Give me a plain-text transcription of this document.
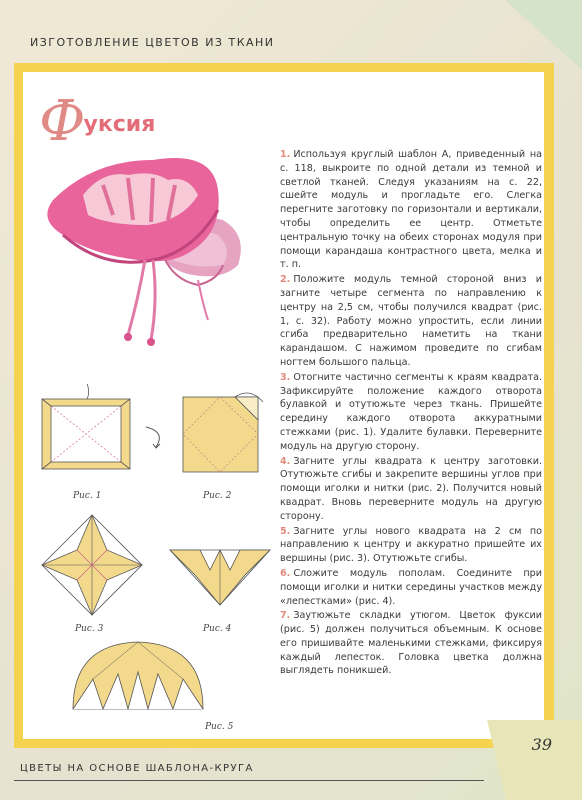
ИЗГОТОВЛЕНИЕ ЦВЕТОВ ИЗ ТКАНИ
Фуксия
Рис. 1	Рис. 2
Рис. 3	Рис. 4
Рис. 5

1. Используя круглый шаблон А, приведенный на с. 118, выкроите по одной детали из темной и светлой тканей. Следуя указаниям на с. 22, сшейте модуль и прогладьте его. Слегка перегните заготовку по горизонтали и вертикали, чтобы определить ее центр. Отметьте центральную точку на обеих сторонах модуля при помощи карандаша контрастного цвета, мелка и т. п.

2. Положите модуль темной стороной вниз и загните четыре сегмента по направлению к центру на 2,5 см, чтобы получился квадрат (рис. 1, с. 32). Работу можно упростить, если линии сгиба предварительно наметить на ткани карандашом. С нажимом проведите по сгибам ногтем большого пальца.

3. Отогните частично сегменты к краям квадрата. Зафиксируйте положение каждого отворота булавкой и отутюжьте через ткань. Пришейте середину каждого отворота аккуратными стежками (рис. 1). Удалите булавки. Переверните модуль на другую сторону.

4. Загните углы квадрата к центру заготовки. Отутюжьте сгибы и закрепите вершины углов при помощи иголки и нитки (рис. 2). Получится новый квадрат. Вновь переверните модуль на другую сторону.

5. Загните углы нового квадрата на 2 см по направлению к центру и аккуратно пришейте их вершины (рис. 3). Отутюжьте сгибы.

6. Сложите модуль пополам. Соедините при помощи иголки и нитки середины участков между «лепестками» (рис. 4).

7. Заутюжьте складки утюгом. Цветок фуксии (рис. 5) должен получиться объемным. К основе его пришивайте маленькими стежками, фиксируя каждый лепесток. Головка цветка должна выглядеть поникшей.

39
ЦВЕТЫ НА ОСНОВЕ ШАБЛОНА-КРУГА
